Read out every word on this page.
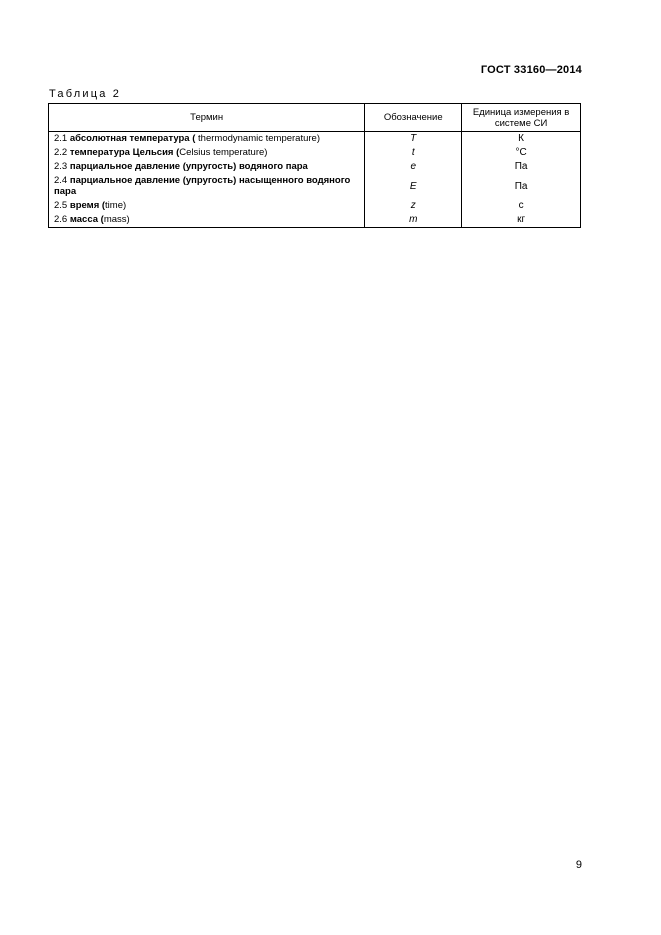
ГОСТ 33160—2014
Таблица 2
Термин	Обозначение	Единица измерения в системе СИ
2.1 абсолютная температура ( thermodynamic temperature)	T	К
2.2 температура Цельсия (Celsius temperature)	t	°C
2.3 парциальное давление (упругость) водяного пара	e	Па
2.4 парциальное давление (упругость) насыщенного водяного пара	E	Па
2.5 время (time)	z	с
2.6 масса (mass)	m	кг
9
